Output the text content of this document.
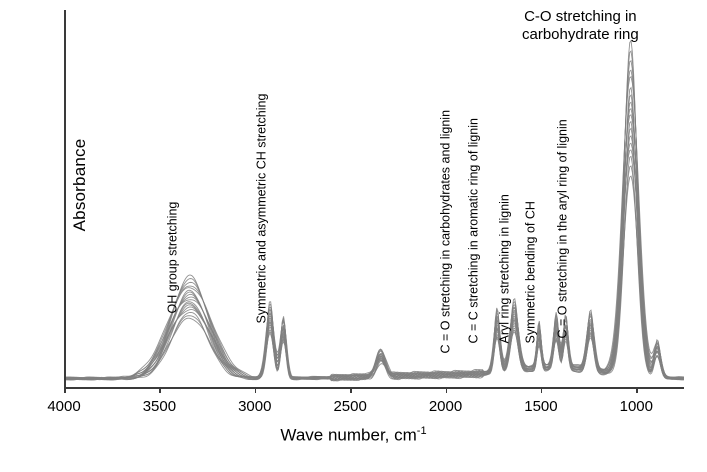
Absorbance
4000	3500	3000	2500	2000	1500	1000
Wave number, $cm^{-1}$
C-O stretching in
carbohydrate ring
OH group stretching	Symmetric and asymmetric CH stretching	C = O stretching in carbohydrates and lignin C = C stretching in aromatic ring of lignin Aryl ring stretching in lignin Symmetric bending of CH C = O stretching in the aryl ring of lignin
